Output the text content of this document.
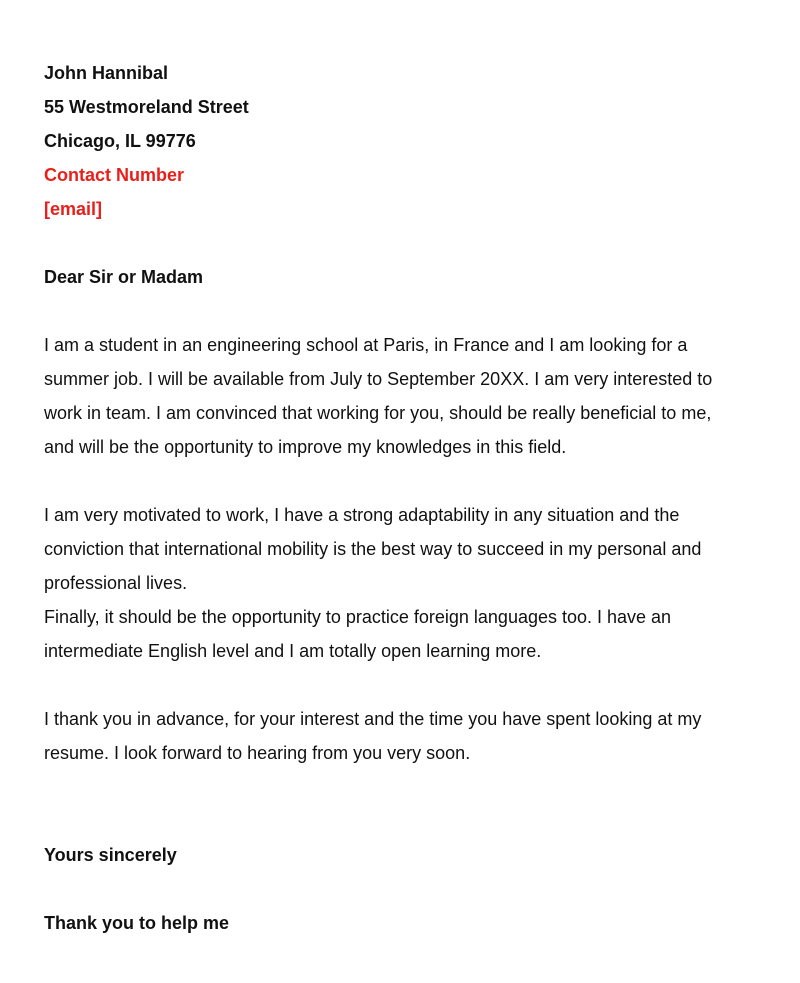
John Hannibal
55 Westmoreland Street
Chicago, IL 99776
Contact Number
[email]
Dear Sir or Madam

I am a student in an engineering school at Paris, in France and I am looking for a
summer job. I will be available from July to September 20XX. I am very interested to
work in team. I am convinced that working for you, should be really beneficial to me,
and will be the opportunity to improve my knowledges in this field.

I am very motivated to work, I have a strong adaptability in any situation and the
conviction that international mobility is the best way to succeed in my personal and
professional lives.
Finally, it should be the opportunity to practice foreign languages too. I have an
intermediate English level and I am totally open learning more.

I thank you in advance, for your interest and the time you have spent looking at my
resume. I look forward to hearing from you very soon.

Yours sincerely
Thank you to help me
